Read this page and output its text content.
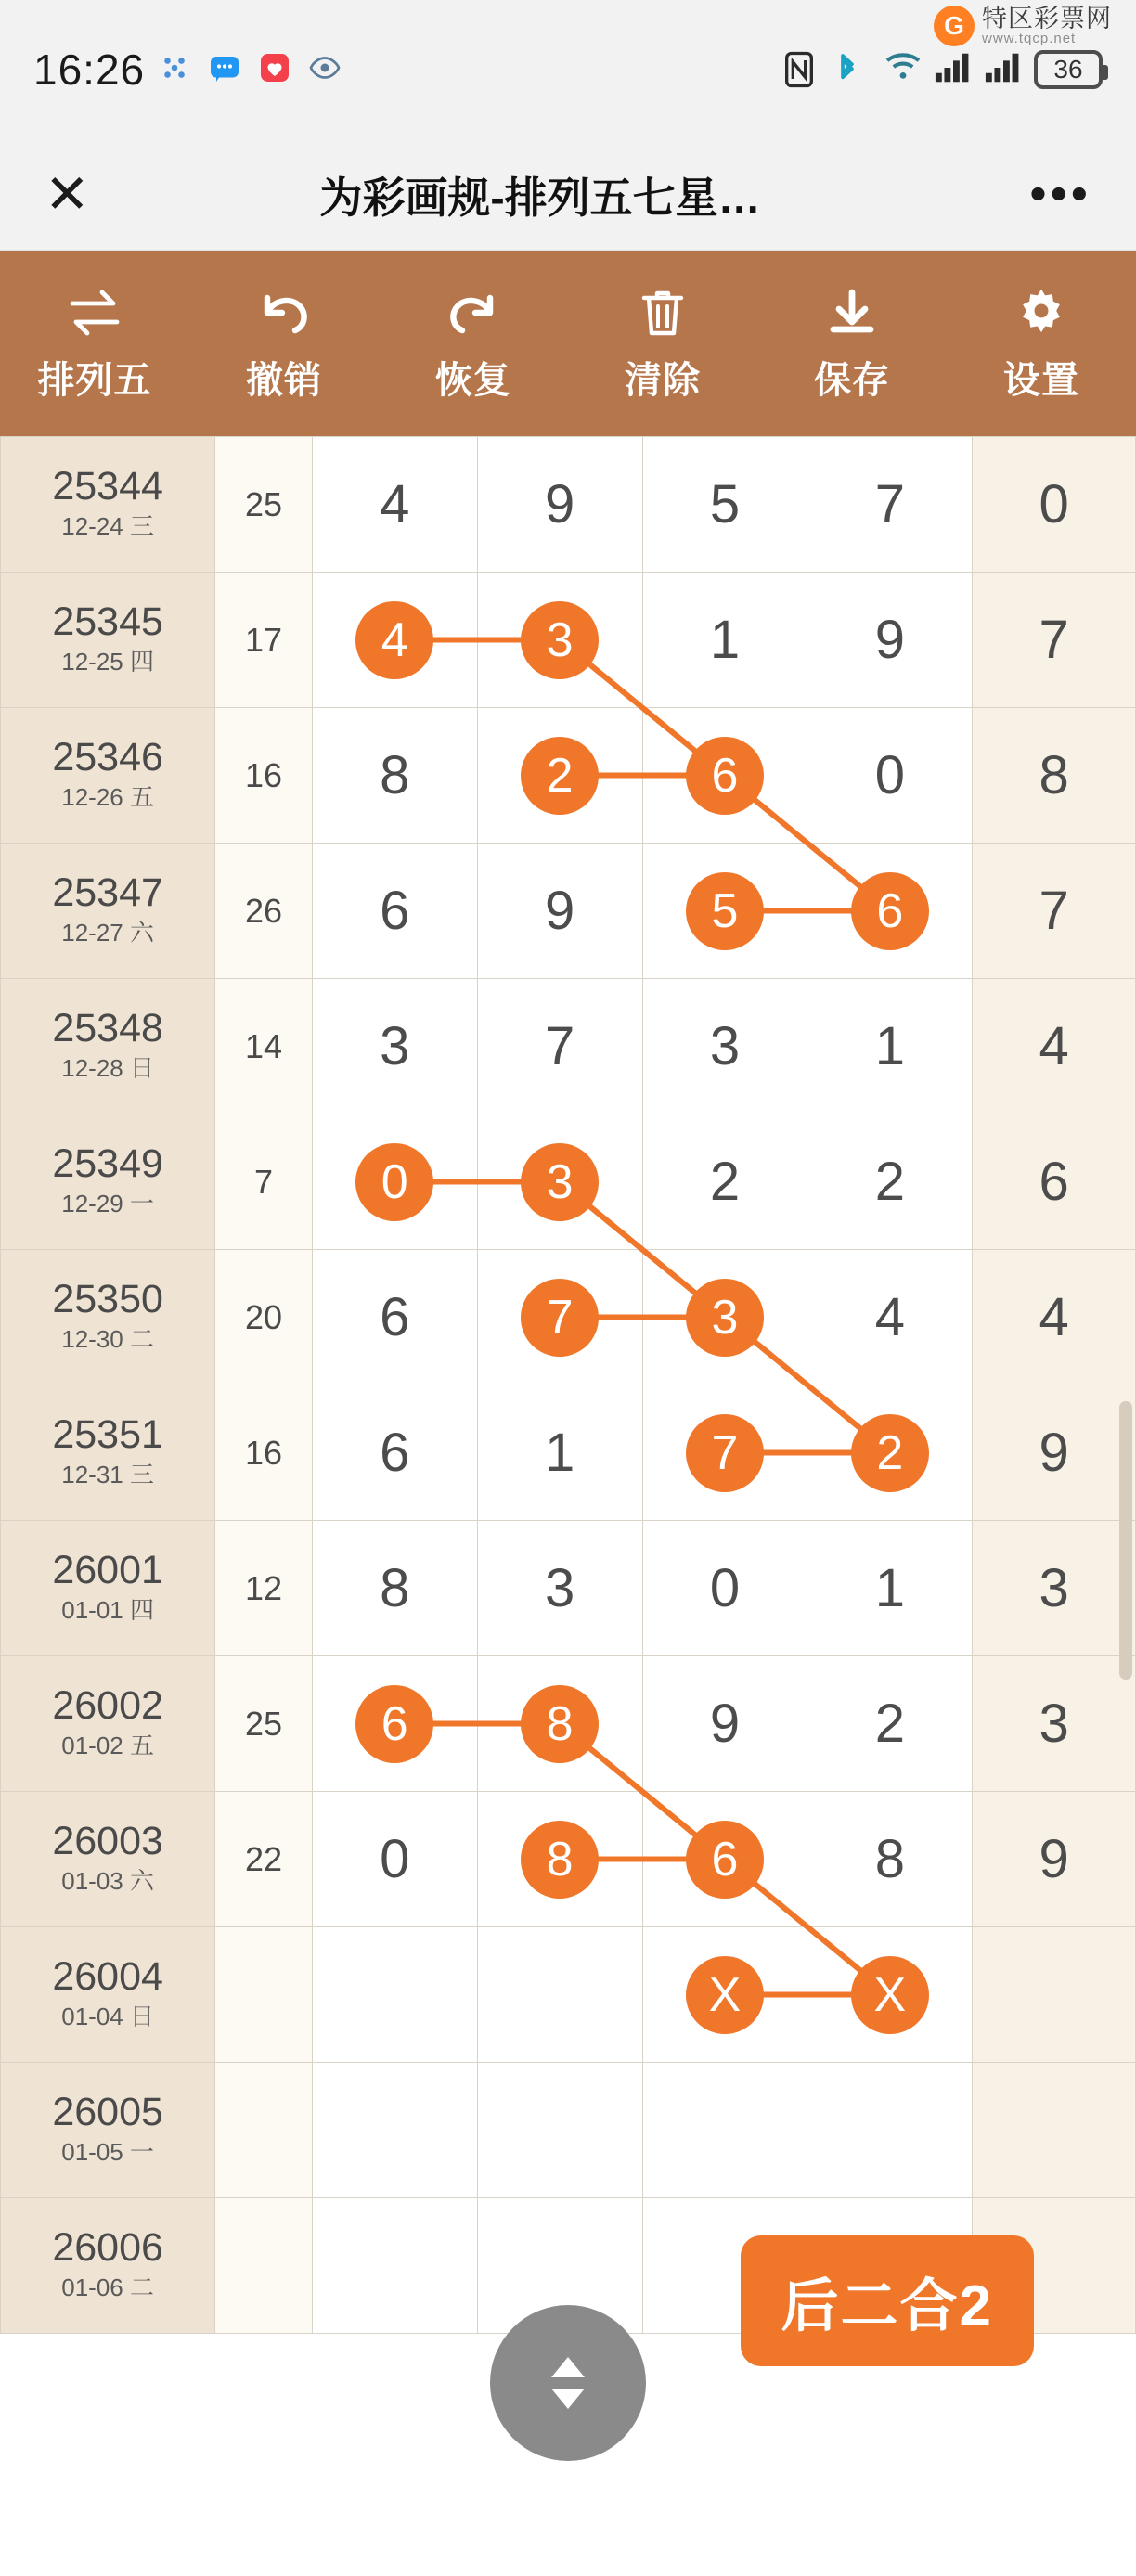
16:26	36
G 特区彩票网
www.tqcp.net
✕	为彩画规-排列五七星…	•••
排列五	撤销	恢复	清除	保存	设置
25344
12-24 三	25	4	9	5	7	0

25345
12-25 四	17	4	3	1	9	7

25346
12-26 五	16	8	2	6	0	8

25347
12-27 六	26	6	9	5	6	7

25348
12-28 日	14	3	7	3	1	4

25349
12-29 一	7	0	3	2	2	6

25350
12-30 二	20	6	7	3	4	4

25351
12-31 三	16	6	1	7	2	9

26001
01-01 四	12	8	3	0	1	3

26002
01-02 五	25	6	8	9	2	3

26003
01-03 六	22	0	8	6	8	9

26004
01-04 日				X	X	

26005
01-05 一						

26006
01-06 二						
							后二合2
